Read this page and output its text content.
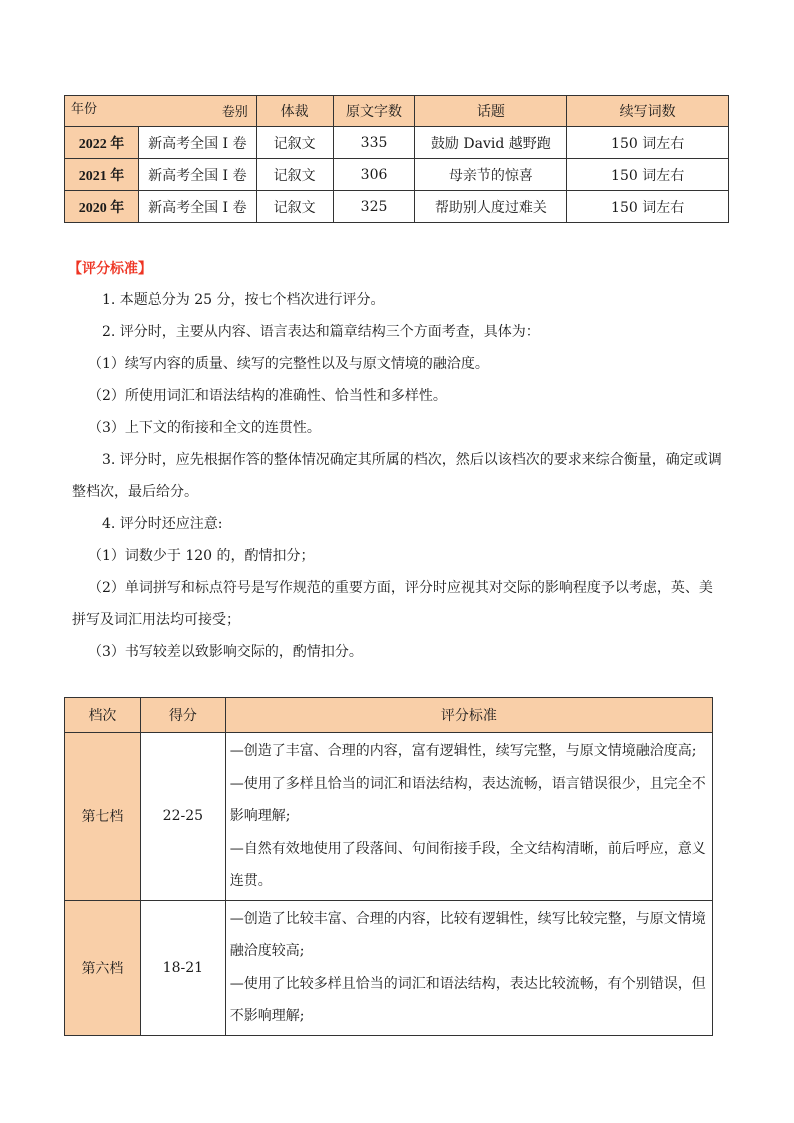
年份 卷别		体裁	原文字数	话题	续写词数
2022 年	新高考全国 I 卷	记叙文	335	鼓励 David 越野跑	150 词左右
2021 年	新高考全国 I 卷	记叙文	306	母亲节的惊喜	150 词左右
2020 年	新高考全国 I 卷	记叙文	325	帮助别人度过难关	150 词左右
【评分标准】
1. 本题总分为 25 分，按七个档次进行评分。
2. 评分时，主要从内容、语言表达和篇章结构三个方面考查，具体为：
（1）续写内容的质量、续写的完整性以及与原文情境的融洽度。
（2）所使用词汇和语法结构的准确性、恰当性和多样性。
（3）上下文的衔接和全文的连贯性。
3. 评分时，应先根据作答的整体情况确定其所属的档次，然后以该档次的要求来综合衡量，确定或调
整档次，最后给分。
4. 评分时还应注意:
（1）词数少于 120 的，酌情扣分；
（2）单词拼写和标点符号是写作规范的重要方面，评分时应视其对交际的影响程度予以考虑，英、美
拼写及词汇用法均可接受；
（3）书写较差以致影响交际的，酌情扣分。
档次	得分	评分标准
第七档	22-25	—创造了丰富、合理的内容，富有逻辑性，续写完整，与原文情境融洽度高;
—使用了多样且恰当的词汇和语法结构，表达流畅，语言错误很少，且完全不
影响理解;
—自然有效地使用了段落间、句间衔接手段，全文结构清晰，前后呼应，意义
连贯。

第六档	18-21	—创造了比较丰富、合理的内容，比较有逻辑性，续写比较完整，与原文情境
融洽度较高;
—使用了比较多样且恰当的词汇和语法结构，表达比较流畅，有个别错误，但
不影响理解;
